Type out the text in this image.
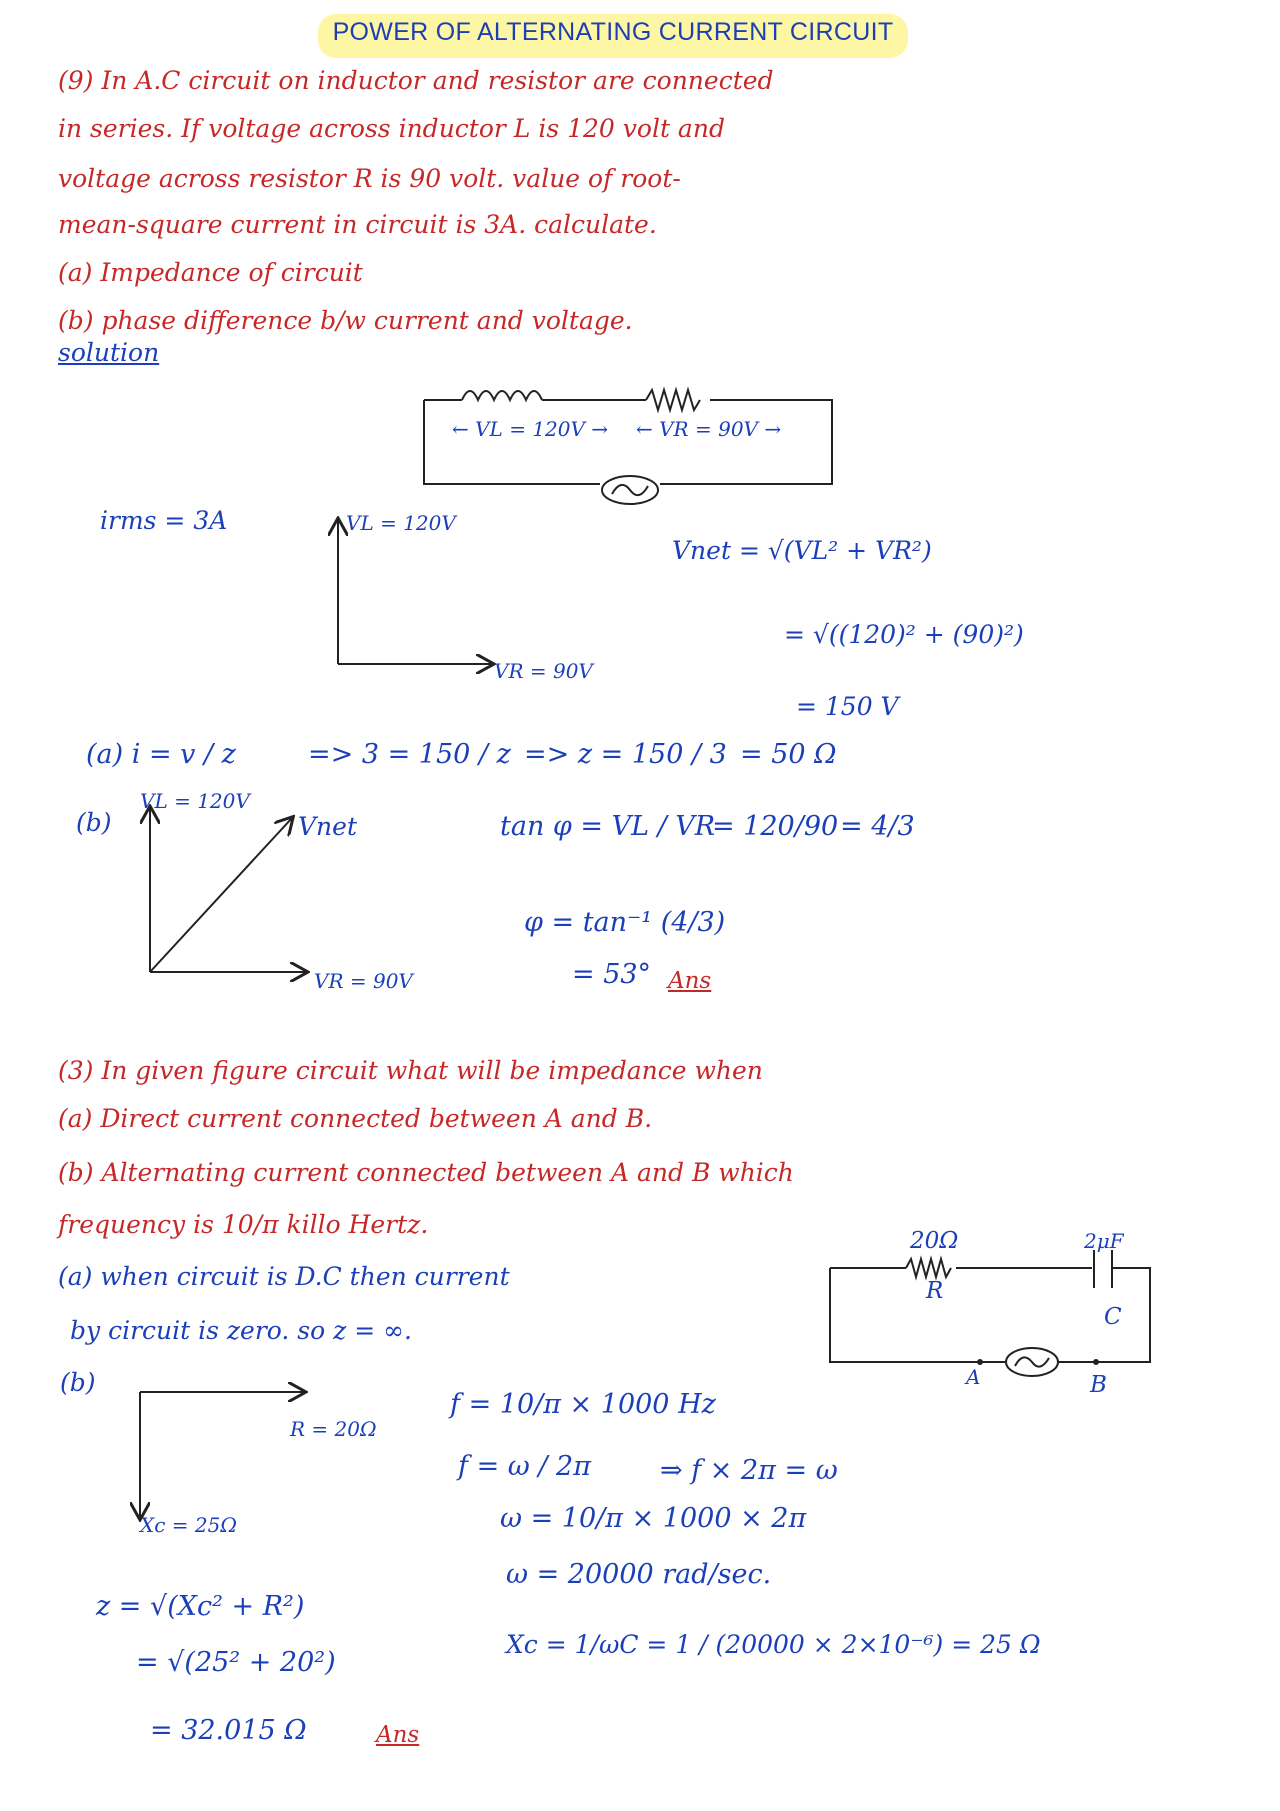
POWER OF ALTERNATING CURRENT CIRCUIT
(9) In A.C circuit on inductor and resistor are connected
in series. If voltage across inductor L is 120 volt and
voltage across resistor R is 90 volt. value of root-
mean-square current in circuit is 3A. calculate.
(a) Impedance of circuit
(b) phase difference b/w current and voltage.
solution
← VL = 120V → ← VR = 90V →
irms = 3A	VL = 120V
VR = 90V
Vnet = √(VL² + VR²)
= √((120)² + (90)²)
= 150 V
(a) i = v / z	=> 3 = 150 / z => z = 150 / 3 = 50 Ω
(b)
VL = 120V
Vnet
VR = 90V
tan φ = VL / VR
= 120/90 = 4/3
φ = tan⁻¹ (4/3)
= 53° Ans
(3) In given figure circuit what will be impedance when
(a) Direct current connected between A and B.
(b) Alternating current connected between A and B which
frequency is 10/π killo Hertz.
20Ω
R
2μF
C
A	B
(a) when circuit is D.C then current
by circuit is zero. so z = ∞.
(b)
R = 20Ω
Xc = 25Ω
z = √(Xc² + R²)
= √(25² + 20²)
= 32.015 Ω	Ans
f = 10/π × 1000 Hz
f = ω / 2π	⇒ f × 2π = ω
ω = 10/π × 1000 × 2π
ω = 20000 rad/sec.
Xc = 1/ωC = 1 / (20000 × 2×10⁻⁶) = 25 Ω
